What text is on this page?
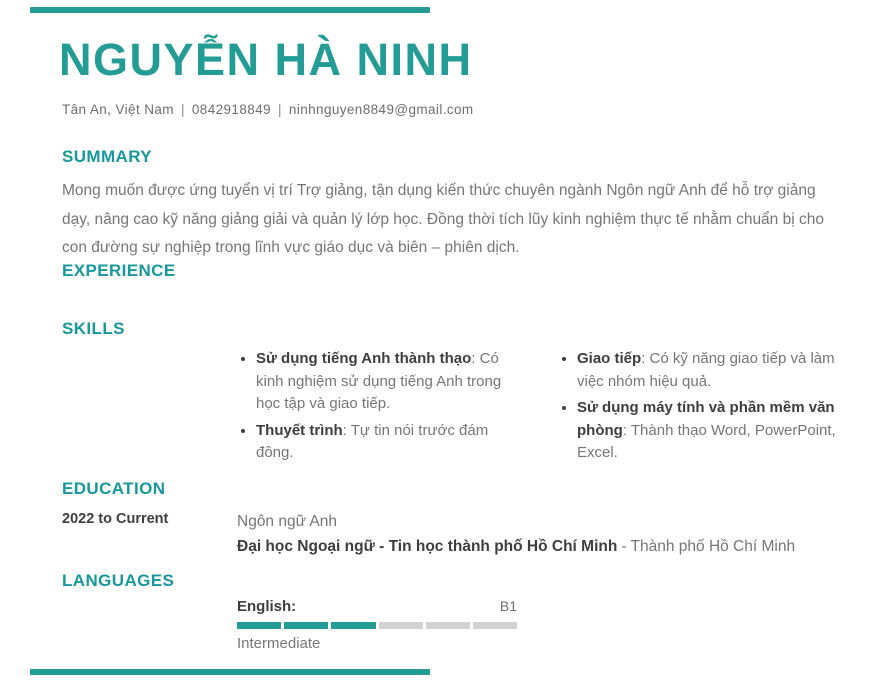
NGUYỄN HÀ NINH
Tân An, Việt Nam | 0842918849 | ninhnguyen8849@gmail.com
SUMMARY
Mong muốn được ứng tuyển vị trí Trợ giảng, tận dụng kiến thức chuyên ngành Ngôn ngữ Anh để hỗ trợ giảng dạy, nâng cao kỹ năng giảng giải và quản lý lớp học. Đồng thời tích lũy kinh nghiệm thực tế nhằm chuẩn bị cho con đường sự nghiệp trong lĩnh vực giáo dục và biên – phiên dịch.
EXPERIENCE
SKILLS
• Sử dụng tiếng Anh thành thạo: Có kinh nghiệm sử dụng tiếng Anh trong học tập và giao tiếp.
• Thuyết trình: Tự tin nói trước đám đông.
• Giao tiếp: Có kỹ năng giao tiếp và làm việc nhóm hiệu quả.
• Sử dụng máy tính và phần mềm văn phòng: Thành thạo Word, PowerPoint, Excel.
EDUCATION
2022 to Current	Ngôn ngữ Anh
Đại học Ngoại ngữ - Tin học thành phố Hồ Chí Minh - Thành phố Hồ Chí Minh
LANGUAGES
English:	B1
Intermediate
